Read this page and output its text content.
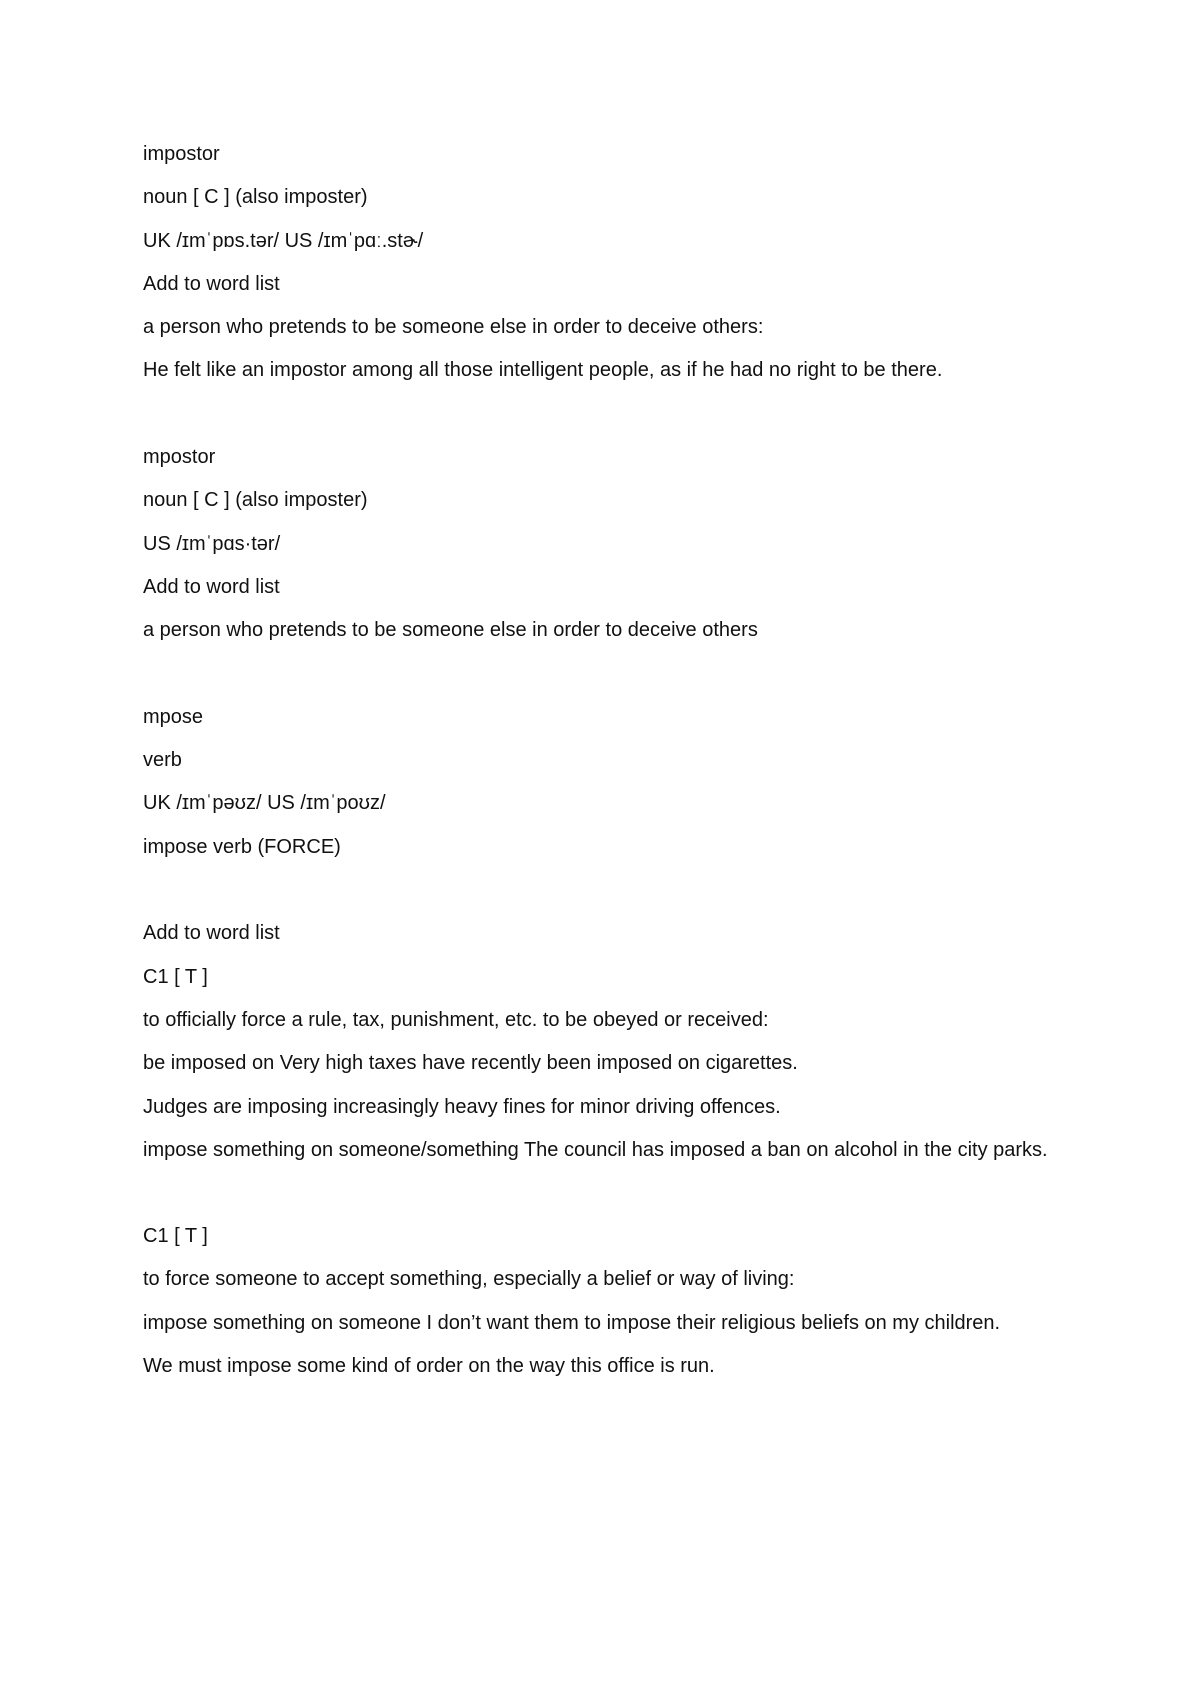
impostor

noun [ C ] (also imposter)

UK /ɪmˈpɒs.tər/ US /ɪmˈpɑː.stɚ/

Add to word list

a person who pretends to be someone else in order to deceive others:

He felt like an impostor among all those intelligent people, as if he had no right to be there.

mpostor

noun [ C ] (also imposter)

US /ɪmˈpɑs·tər/

Add to word list

a person who pretends to be someone else in order to deceive others

mpose

verb

UK /ɪmˈpəʊz/ US /ɪmˈpoʊz/

impose verb (FORCE)

Add to word list

C1 [ T ]

to officially force a rule, tax, punishment, etc. to be obeyed or received:

be imposed on Very high taxes have recently been imposed on cigarettes.

Judges are imposing increasingly heavy fines for minor driving offences.

impose something on someone/something The council has imposed a ban on alcohol in the city parks.

C1 [ T ]

to force someone to accept something, especially a belief or way of living:

impose something on someone I don’t want them to impose their religious beliefs on my children.

We must impose some kind of order on the way this office is run.
